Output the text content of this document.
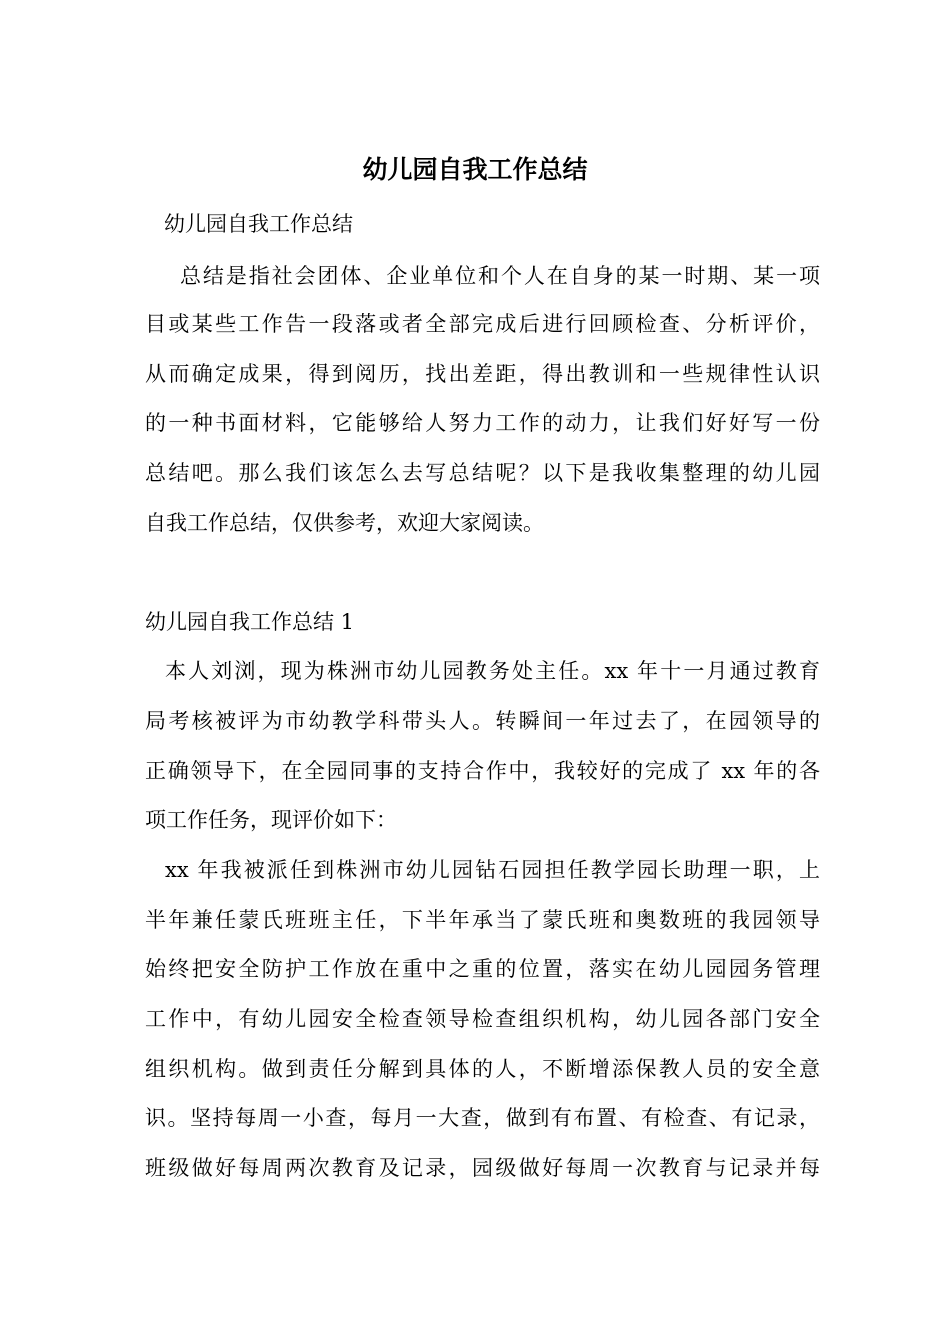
幼儿园自我工作总结
幼儿园自我工作总结
总结是指社会团体、企业单位和个人在自身的某一时期、某一项
目或某些工作告一段落或者全部完成后进行回顾检查、分析评价，
从而确定成果，得到阅历，找出差距，得出教训和一些规律性认识
的一种书面材料，它能够给人努力工作的动力，让我们好好写一份
总结吧。那么我们该怎么去写总结呢？以下是我收集整理的幼儿园
自我工作总结，仅供参考，欢迎大家阅读。
幼儿园自我工作总结 1
本人刘浏，现为株洲市幼儿园教务处主任。xx 年十一月通过教育
局考核被评为市幼教学科带头人。转瞬间一年过去了，在园领导的
正确领导下，在全园同事的支持合作中，我较好的完成了 xx 年的各
项工作任务，现评价如下：
xx 年我被派任到株洲市幼儿园钻石园担任教学园长助理一职，上
半年兼任蒙氏班班主任，下半年承当了蒙氏班和奥数班的我园领导
始终把安全防护工作放在重中之重的位置，落实在幼儿园园务管理
工作中，有幼儿园安全检查领导检查组织机构，幼儿园各部门安全
组织机构。做到责任分解到具体的人，不断增添保教人员的安全意
识。坚持每周一小查，每月一大查，做到有布置、有检查、有记录，
班级做好每周两次教育及记录，园级做好每周一次教育与记录并每
